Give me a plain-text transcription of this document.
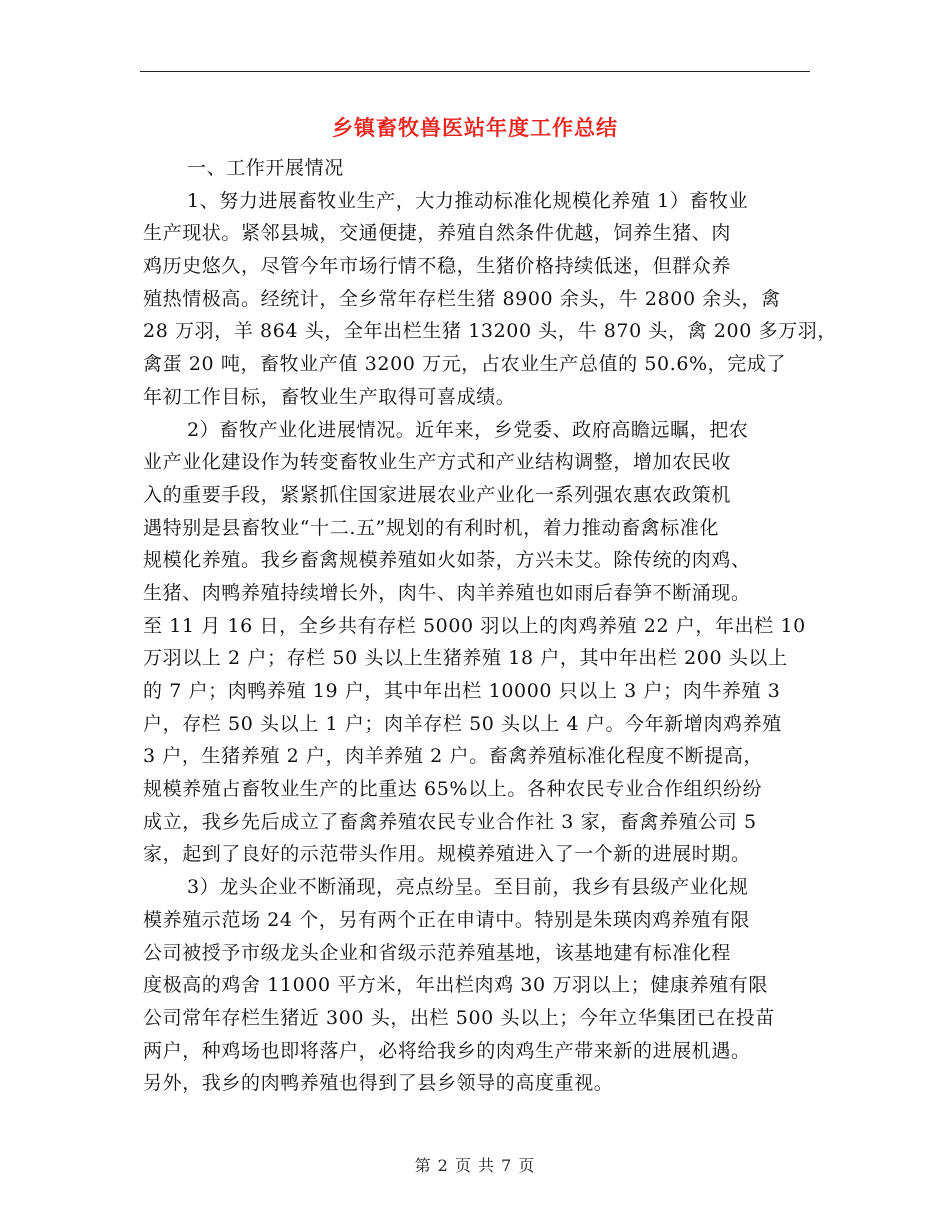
乡镇畜牧兽医站年度工作总结
一、工作开展情况
1、努力进展畜牧业生产，大力推动标准化规模化养殖 1）畜牧业
生产现状。紧邻县城，交通便捷，养殖自然条件优越，饲养生猪、肉
鸡历史悠久，尽管今年市场行情不稳，生猪价格持续低迷，但群众养
殖热情极高。经统计，全乡常年存栏生猪 8900 余头，牛 2800 余头，禽
28 万羽，羊 864 头，全年出栏生猪 13200 头，牛 870 头，禽 200 多万羽，
禽蛋 20 吨，畜牧业产值 3200 万元，占农业生产总值的 50.6%，完成了
年初工作目标，畜牧业生产取得可喜成绩。
2）畜牧产业化进展情况。近年来，乡党委、政府高瞻远瞩，把农
业产业化建设作为转变畜牧业生产方式和产业结构调整，增加农民收
入的重要手段，紧紧抓住国家进展农业产业化一系列强农惠农政策机
遇特别是县畜牧业“十二.五”规划的有利时机，着力推动畜禽标准化
规模化养殖。我乡畜禽规模养殖如火如荼，方兴未艾。除传统的肉鸡、
生猪、肉鸭养殖持续增长外，肉牛、肉羊养殖也如雨后春笋不断涌现。
至 11 月 16 日，全乡共有存栏 5000 羽以上的肉鸡养殖 22 户，年出栏 10
万羽以上 2 户；存栏 50 头以上生猪养殖 18 户，其中年出栏 200 头以上
的 7 户；肉鸭养殖 19 户，其中年出栏 10000 只以上 3 户；肉牛养殖 3
户，存栏 50 头以上 1 户；肉羊存栏 50 头以上 4 户。今年新增肉鸡养殖
3 户，生猪养殖 2 户，肉羊养殖 2 户。畜禽养殖标准化程度不断提高，
规模养殖占畜牧业生产的比重达 65%以上。各种农民专业合作组织纷纷
成立，我乡先后成立了畜禽养殖农民专业合作社 3 家，畜禽养殖公司 5
家，起到了良好的示范带头作用。规模养殖进入了一个新的进展时期。
3）龙头企业不断涌现，亮点纷呈。至目前，我乡有县级产业化规
模养殖示范场 24 个，另有两个正在申请中。特别是朱瑛肉鸡养殖有限
公司被授予市级龙头企业和省级示范养殖基地，该基地建有标准化程
度极高的鸡舍 11000 平方米，年出栏肉鸡 30 万羽以上；健康养殖有限
公司常年存栏生猪近 300 头，出栏 500 头以上；今年立华集团已在投苗
两户，种鸡场也即将落户，必将给我乡的肉鸡生产带来新的进展机遇。
另外，我乡的肉鸭养殖也得到了县乡领导的高度重视。
第 2 页 共 7 页
